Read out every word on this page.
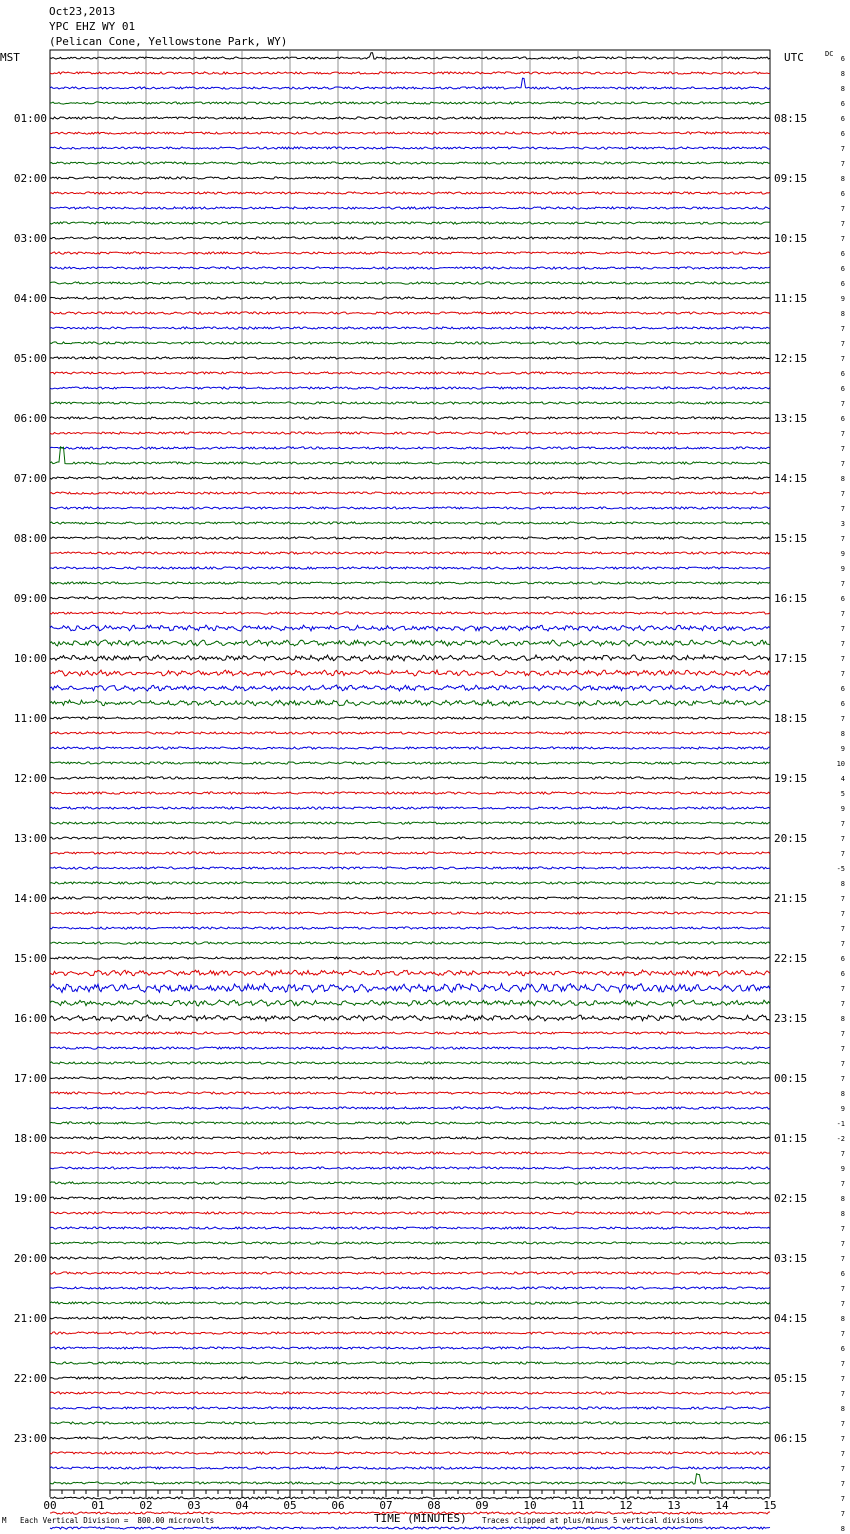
Oct23,2013
YPC EHZ WY 01
(Pelican Cone, Yellowstone Park, WY)
MST	UTC	DC
01:00
02:00
03:00
04:00
05:00
06:00
07:00
08:00
09:00
10:00
11:00
12:00
13:00
14:00
15:00
16:00
17:00
18:00
19:00
20:00
21:00
22:00
23:00
08:15
09:15
10:15
11:15
12:15
13:15
14:15
15:15
16:15
17:15
18:15
19:15
20:15
21:15
22:15
23:15
00:15
01:15
02:15
03:15
04:15
05:15
06:15
6
8
8
6
6
6
7
7
8
6
7
7
7
6
6
6
9
8
7
7
7
6
6
7
6
7
7
7
8
7
7
3
7
9
9
7
6
7
7
7
7
7
6
6
7
8
9
10
4
5
9
7
7
7
-5
8
7
7
7
7
6
6
7
7
8
7
7
7
7
8
9
-1
-2
7
9
7
8
8
7
7
7
6
7
7
8
7
6
7
7
7
8
7
7
7
7
7
7
7
8
00	01	02	03	04	05	06	07	08	09	10	11	12	13	14	15
M Each Vertical Division =  800.00 microvolts	TIME (MINUTES) Traces clipped at plus/minus 5 vertical divisions
